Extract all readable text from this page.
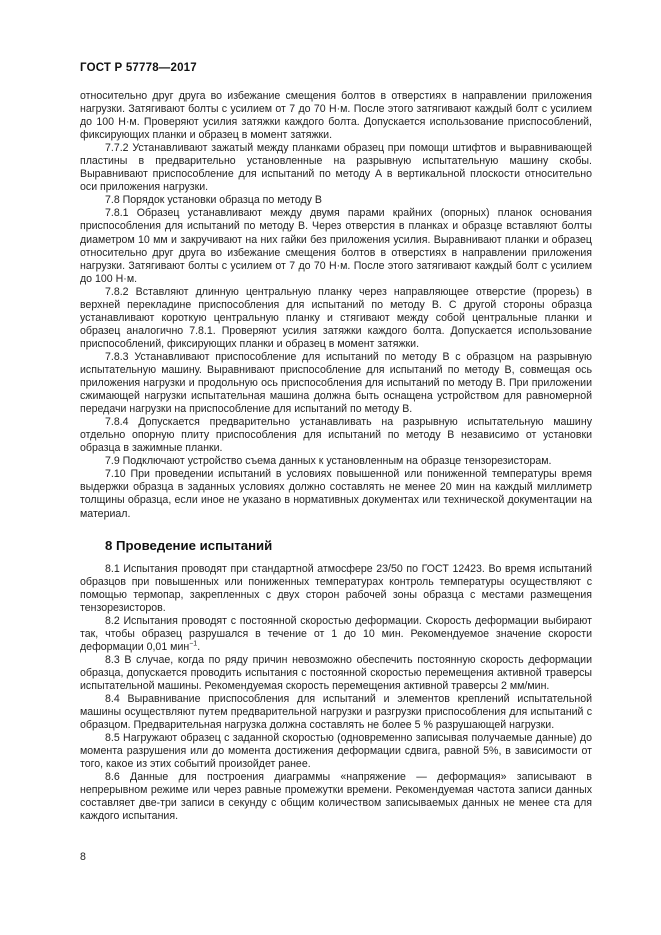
ГОСТ Р 57778—2017

относительно друг друга во избежание смещения болтов в отверстиях в направлении приложения нагрузки. Затягивают болты с усилием от 7 до 70 Н·м. После этого затягивают каждый болт с усилием до 100 Н·м. Проверяют усилия затяжки каждого болта. Допускается использование приспособлений, фиксирующих планки и образец в момент затяжки.

7.7.2 Устанавливают зажатый между планками образец при помощи штифтов и выравнивающей пластины в предварительно установленные на разрывную испытательную машину скобы. Выравнивают приспособление для испытаний по методу А в вертикальной плоскости относительно оси приложения нагрузки.

7.8 Порядок установки образца по методу В

7.8.1 Образец устанавливают между двумя парами крайних (опорных) планок основания приспособления для испытаний по методу В. Через отверстия в планках и образце вставляют болты диаметром 10 мм и закручивают на них гайки без приложения усилия. Выравнивают планки и образец относительно друг друга во избежание смещения болтов в отверстиях в направлении приложения нагрузки. Затягивают болты с усилием от 7 до 70 Н·м. После этого затягивают каждый болт с усилием до 100 Н·м.

7.8.2 Вставляют длинную центральную планку через направляющее отверстие (прорезь) в верхней перекладине приспособления для испытаний по методу В. С другой стороны образца устанавливают короткую центральную планку и стягивают между собой центральные планки и образец аналогично 7.8.1. Проверяют усилия затяжки каждого болта. Допускается использование приспособлений, фиксирующих планки и образец в момент затяжки.

7.8.3 Устанавливают приспособление для испытаний по методу В с образцом на разрывную испытательную машину. Выравнивают приспособление для испытаний по методу В, совмещая ось приложения нагрузки и продольную ось приспособления для испытаний по методу В. При приложении сжимающей нагрузки испытательная машина должна быть оснащена устройством для равномерной передачи нагрузки на приспособление для испытаний по методу В.

7.8.4 Допускается предварительно устанавливать на разрывную испытательную машину отдельно опорную плиту приспособления для испытаний по методу В независимо от установки образца в зажимные планки.

7.9 Подключают устройство съема данных к установленным на образце тензорезисторам.

7.10 При проведении испытаний в условиях повышенной или пониженной температуры время выдержки образца в заданных условиях должно составлять не менее 20 мин на каждый миллиметр толщины образца, если иное не указано в нормативных документах или технической документации на материал.

8 Проведение испытаний

8.1 Испытания проводят при стандартной атмосфере 23/50 по ГОСТ 12423. Во время испытаний образцов при повышенных или пониженных температурах контроль температуры осуществляют с помощью термопар, закрепленных с двух сторон рабочей зоны образца с местами размещения тензорезисторов.

8.2 Испытания проводят с постоянной скоростью деформации. Скорость деформации выбирают так, чтобы образец разрушался в течение от 1 до 10 мин. Рекомендуемое значение скорости деформации 0,01 мин$^{-1}$.

8.3 В случае, когда по ряду причин невозможно обеспечить постоянную скорость деформации образца, допускается проводить испытания с постоянной скоростью перемещения активной траверсы испытательной машины. Рекомендуемая скорость перемещения активной траверсы 2 мм/мин.

8.4 Выравнивание приспособления для испытаний и элементов креплений испытательной машины осуществляют путем предварительной нагрузки и разгрузки приспособления для испытаний с образцом. Предварительная нагрузка должна составлять не более 5 % разрушающей нагрузки.

8.5 Нагружают образец с заданной скоростью (одновременно записывая получаемые данные) до момента разрушения или до момента достижения деформации сдвига, равной 5%, в зависимости от того, какое из этих событий произойдет ранее.

8.6 Данные для построения диаграммы «напряжение — деформация» записывают в непрерывном режиме или через равные промежутки времени. Рекомендуемая частота записи данных составляет две-три записи в секунду с общим количеством записываемых данных не менее ста для каждого испытания.

8
